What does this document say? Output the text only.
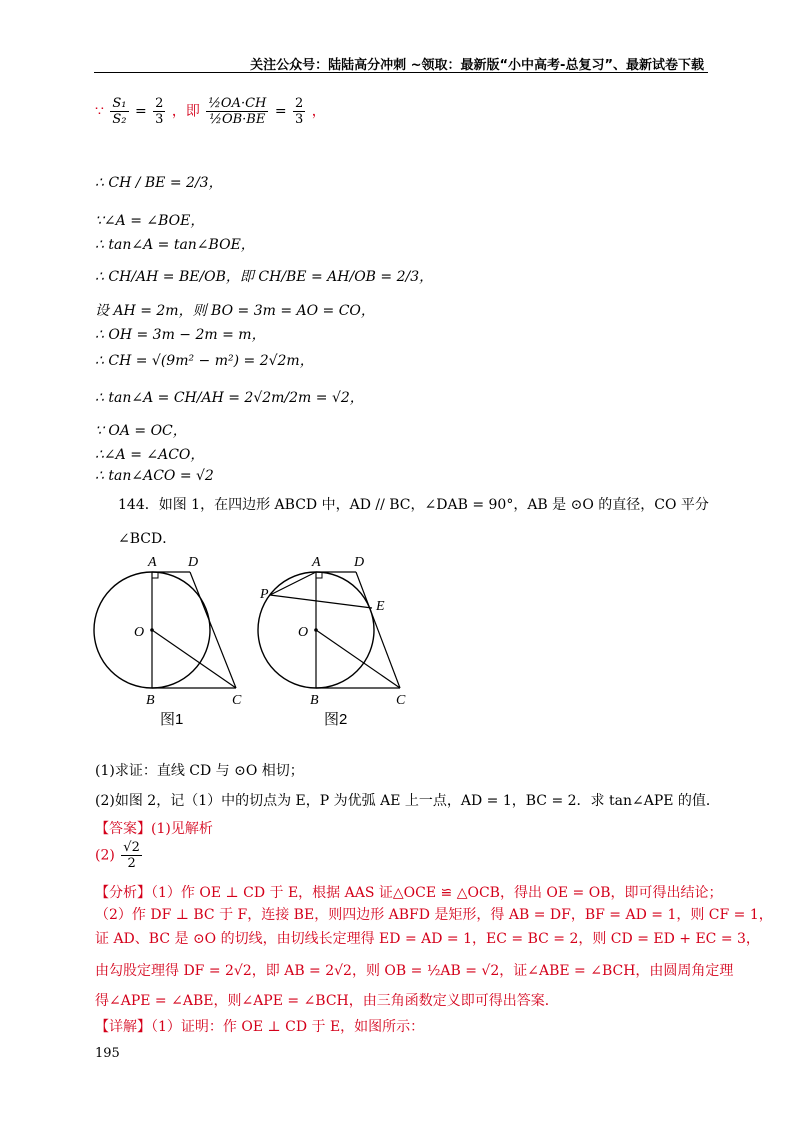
关注公众号：陆陆高分冲刺 ~领取：最新版“小中高考-总复习”、最新试卷下载
∵ $\frac{\text{S₁}}{\text{S₂}} = \frac{2}{3}$ ，即 $\frac{\text{½OA·CH}}{\text{½OB·BE}} = \frac{2}{3}$ ，
∴ CH / BE = 2/3，
∵∠A = ∠BOE，
∴ tan∠A = tan∠BOE，
∴ CH/AH = BE/OB，即 CH/BE = AH/OB = 2/3，
设 AH = 2m，则 BO = 3m = AO = CO，
∴ OH = 3m − 2m = m，
∴ CH = √(9m² − m²) = 2√2m，
∴ tan∠A = CH/AH = 2√2m/2m = √2，
∵ OA = OC，
∴∠A = ∠ACO，
∴ tan∠ACO = √2
144．如图 1，在四边形 ABCD 中，AD // BC，∠DAB = 90°，AB 是 ⊙O 的直径，CO 平分
∠BCD．
A D
O
B	C
图1
A D
P
E
O
B	C
图2
(1)求证：直线 CD 与 ⊙O 相切；
(2)如图 2，记（1）中的切点为 E，P 为优弧 AE 上一点，AD = 1，BC = 2．求 tan∠APE 的值．
【答案】(1)见解析
$(2) \frac{√2}{2}$
【分析】（1）作 OE ⊥ CD 于 E，根据 AAS 证△OCE ≌ △OCB，得出 OE = OB，即可得出结论；
（2）作 DF ⊥ BC 于 F，连接 BE，则四边形 ABFD 是矩形，得 AB = DF，BF = AD = 1，则 CF = 1，
证 AD、BC 是 ⊙O 的切线，由切线长定理得 ED = AD = 1，EC = BC = 2，则 CD = ED + EC = 3，
由勾股定理得 DF = 2√2，即 AB = 2√2，则 OB = ½AB = √2，证∠ABE = ∠BCH，由圆周角定理
得∠APE = ∠ABE，则∠APE = ∠BCH，由三角函数定义即可得出答案．
【详解】（1）证明：作 OE ⊥ CD 于 E，如图所示：
195
